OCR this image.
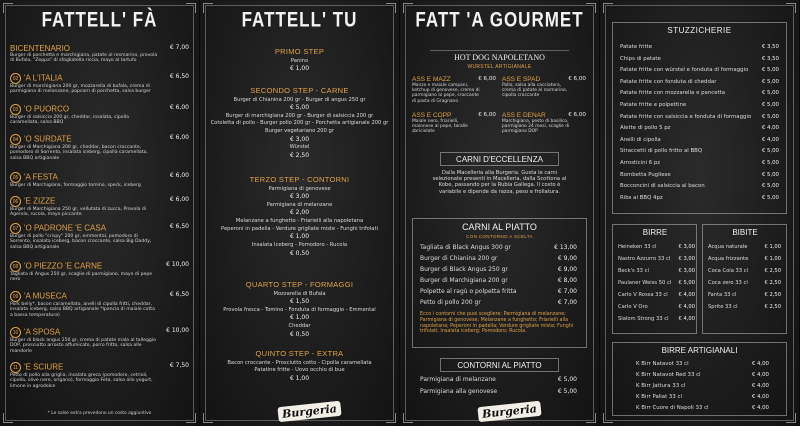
FATTELL' FÀ
BICENTENARIO	€ 7,00
Burger di porchetta e marchigiana, patate al rosmarino, provola di Bufala, "Zeppa" di sfogliatella riccia, mayo al tartufo
02 'A L'ITALIA	€ 6,50
Burger di marchigiana 200 gr, mozzarella di bufala, crema di parmigiana di melanzane, popcorn di porchetta, salsa burger
03 'O PUORCO	€ 6,00
Burger di salsiccia 200 gr, cheddar, insalata, cipolla caramellata, salsa BBQ
04 'O SURDATE	€ 6,00
Burger di Marchigiana 200 gr, cheddar, bacon croccante, pomodoro di Sorrento, insalata iceberg, cipolla caramellata, salsa BBQ artigianale
05 'A FESTA	€ 6,00
Burger di Marchigiana, formaggio tomino, speck, iceberg
06 'E ZIZZE	€ 6,00
Burger di Marchigiana 250 gr, vellutata di zucca, Provola di Agerola, rucola, mayo piccante
07 'O PADRONE 'E CASA	€ 6,50
Burger di pollo "crispy" 200 gr, emmental, pomodoro di Sorrento, insalata iceberg, bacon croccante, salsa Big Daddy, salsa BBQ artigianale
08 'O PIEZZO 'E CARNE	€ 10,00
Tagliata di Angus 250 gr, scaglie di parmigiano, mayo di pepe nero
09 'A MUSECA	€ 6,50
Pork belly*, bacon caramellato, anelli di cipolla fritti, cheddar, insalata iceberg, salsa BBQ artigianale *Ipancia di maiale cotta a bassa temperatura)
10 'A SPOSA	€ 10,00
Burger di black angus 250 gr, crema di patate mala al talleggio DOP, prosciutto arrosto affumicato, porro fritto, salsa alle mandorle
11 'E SCIURE	€ 7,50
Petto di pollo alla griglia, insalata greca (pomodoro, cetrioli, cipolla, olive nere, origano), formaggio Feta, salsa allo yogurt, limone in agrodolce
* Le salse extra prevedono un costo aggiuntivo
FATTELL' TU
PRIMO STEP
Panino
€ 1,00
SECONDO STEP - CARNE
Burger di Chianina 200 gr - Burger di angus 250 gr
€ 5,00
Burger di marchigiana 200 gr - Burger di salsiccia 200 gr
Cotoletta di pollo - Burger pollo 200 gr - Porchetta artigianale 200 gr
Burger vegetariano 200 gr
€ 3,00
Würstel
€ 2,50
TERZO STEP - CONTORNI
Parmigiana di genovese
€ 3,00
Parmigiana di melanzane
€ 2,00
Melanzane a funghetto - Friarielli alla napoletana
Peperoni in padella - Verdure grigliate miste - Funghi trifolati
€ 1,00
Insalata Iceberg - Pomodoro - Rucola
€ 0,50
QUARTO STEP - FORMAGGI
Mozzarella di Bufala
€ 1,50
Provola fresca - Tomino - Fonduta di formaggio - Emmental
€ 1,00
Cheddar
€ 0,50
QUINTO STEP - EXTRA
Bacon croccante - Prosciutto cotto - Cipolla caramellata
Patatine fritte - Uovo occhio di bue
€ 1,00
Burgeria
FATT 'A GOURMET
HOT DOG NAPOLETANO
WURSTEL ARTIGIANALE
ASS E MAZZ	€ 6,00
Manzo e maiale campani, ketchup di genovese, crema di parmigiano al pepe, croccante di pasta di Gragnano
ASS E SPAD	€ 6,00
Pollo, salsa alla cacciatora, crema di patate al rosmarino, cipolla croccante
ASS E COPP	€ 6,00
Maiale nero, friarielli, maionese al pepe, taralle sbriciolate
ASS E DENAR	€ 6,00
Marchigiana, pesto di basilico, parmigiano 24 mesi, scaglie di parmigiano DOP
CARNI D'ECCELLENZA
Dalla Macelleria alla Burgeria. Gusta le carni selezionate presenti in Macelleria, dalla Scottona al Kobe, passando per la Rubia Gallega. Il costo è variabile e dipende da razza, peso e frollatura.
CARNI AL PIATTO
CON CONTORNO A SCELTA
Tagliata di Black Angus 300 gr	€ 13,00
Burger di Chianina 200 gr	€ 9,00
Burger di Black Angus 250 gr	€ 9,00
Burger di Marchigiana 200 gr	€ 8,00
Polpette al ragù o polpetta fritta	€ 7,00
Petto di pollo 200 gr	€ 7,00
Ecco i contorni che puoi scegliere: Parmigiana di melanzane; Parmigiana di genovese; Melanzane a funghetto; Friarielli alla napoletana; Peperoni in padella; Verdure grigliate miste; Funghi trifolati; Insalata iceberg; Pomodoro; Rucola.
CONTORNI AL PIATTO
Parmigiana di melanzane	€ 5,00
Parmigiana alla genovese	€ 5,00
Burgeria
STUZZICHERIE
Patate fritte	€ 3,50
Chips di patate	€ 3,50
Patate fritte con würstel e fonduta di formaggio € 5,00
Patate fritte con fonduta di cheddar	€ 5,00
Patate fritte con mozzarella e pancetta	€ 5,00
Patate fritte e polpettine	€ 5,00
Patate fritte con salsiccia e fonduta di formaggio € 5,00
Alette di pollo 5 pz	€ 4,00
Anelli di cipolla	€ 4,00
Straccetti di pollo fritto al BBQ	€ 5,00
Arrosticini 6 pz	€ 5,00
Bombetta Pugliese	€ 5,00
Bocconcini di salsiccia al bacon	€ 5,00
Ribs al BBQ 4pz	€ 5,00
BIRRE
Heineken 33 cl	€ 3,00
Nastro Azzurro 33 cl € 3,00
Beck's 33 cl	€ 3,00
Paulaner Weiss 50 cl € 5,00
Carlo V Rossa 33 cl € 4,00
Carlo V Oro	€ 4,00
Slalom Strong 33 cl € 4,00
BIBITE
Acqua naturale	€ 1,00
Acqua frizzante	€ 1,00
Coca Cola 33 cl	€ 2,50
Coca zero 33 cl	€ 2,50
Fanta 33 cl	€ 2,50
Sprite 33 cl	€ 2,50
BIRRE ARTIGIANALI
K Birr Natavot 33 cl	€ 4,00
K Birr Natavot Red 33 cl	€ 4,00
K Birr Jattura 33 cl	€ 4,00
K Birr Paliat 33 cl	€ 4,00
K Birr Cuore di Napoli 33 cl	€ 4,00
